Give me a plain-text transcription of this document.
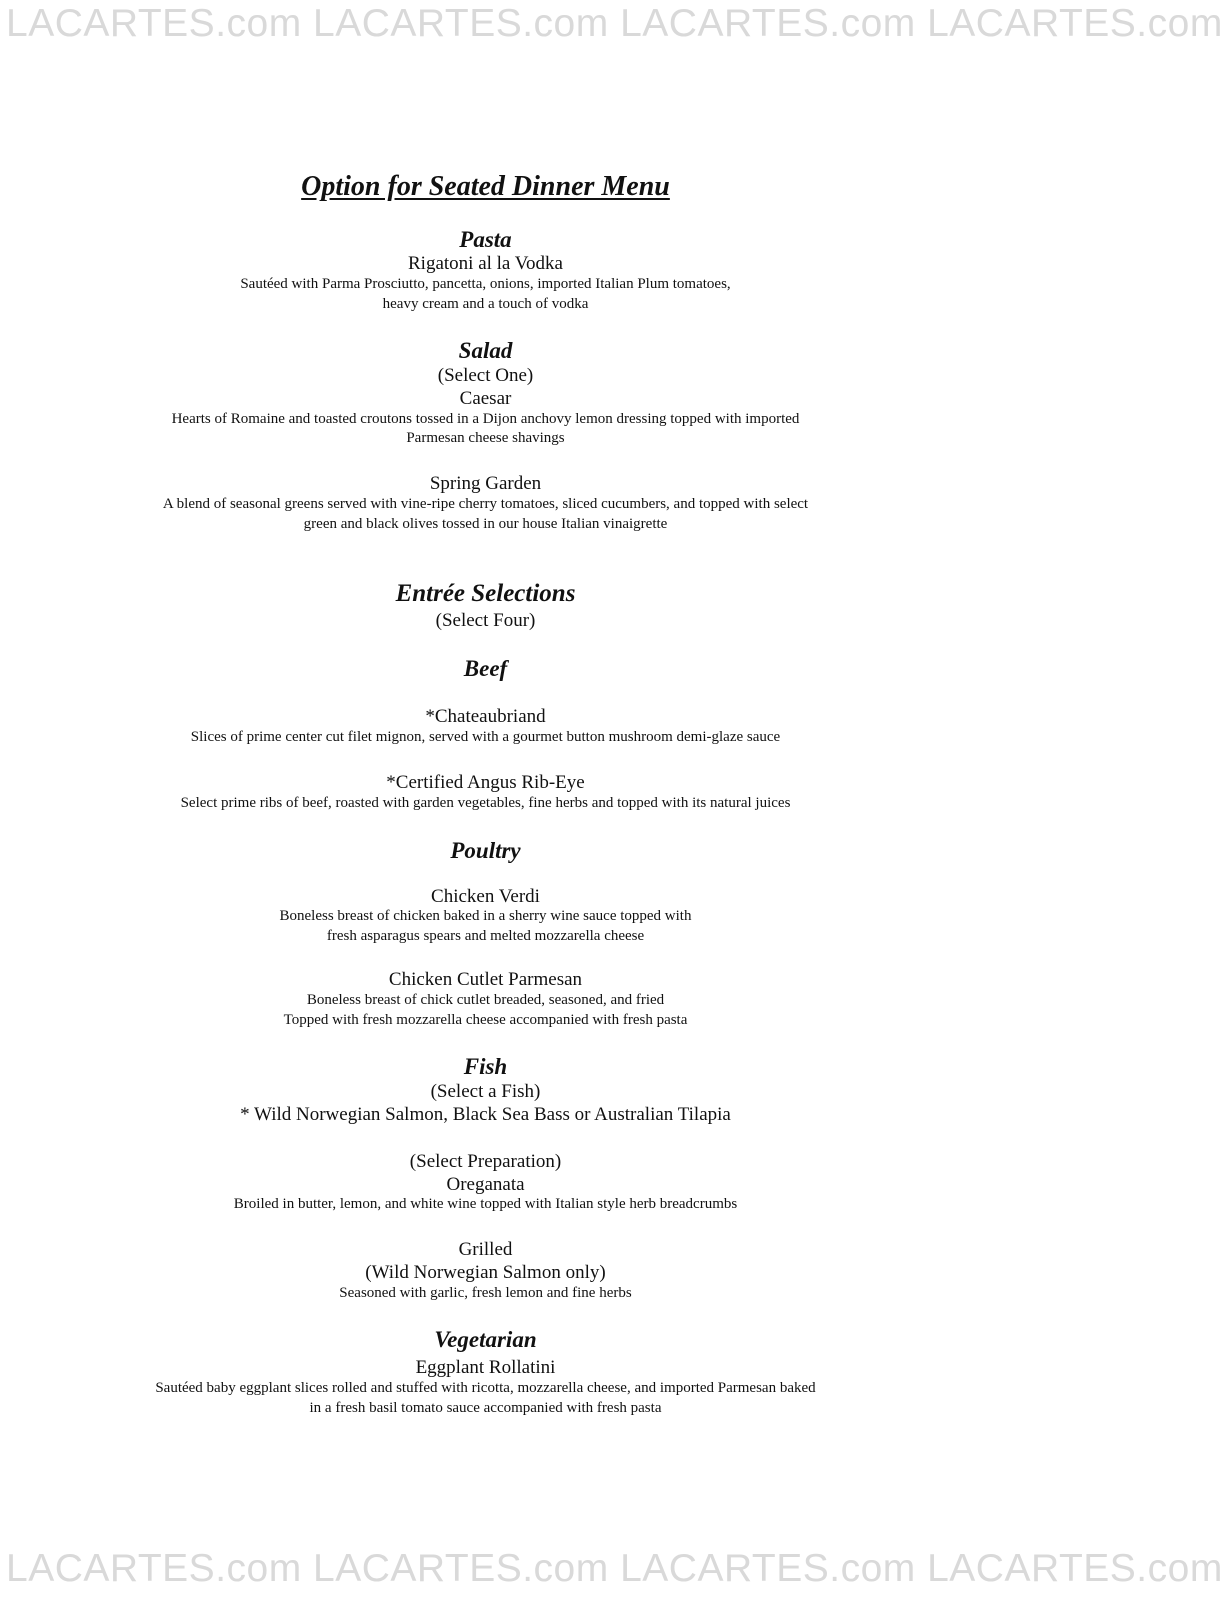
LACARTES.com LACARTES.com LACARTES.com LACARTES.com
Option for Seated Dinner Menu
Pasta
Rigatoni al la Vodka
Sautéed with Parma Prosciutto, pancetta, onions, imported Italian Plum tomatoes,
heavy cream and a touch of vodka
Salad
(Select One)
Caesar
Hearts of Romaine and toasted croutons tossed in a Dijon anchovy lemon dressing topped with imported
Parmesan cheese shavings
Spring Garden
A blend of seasonal greens served with vine-ripe cherry tomatoes, sliced cucumbers, and topped with select
green and black olives tossed in our house Italian vinaigrette
Entrée Selections
(Select Four)
Beef
*Chateaubriand
Slices of prime center cut filet mignon, served with a gourmet button mushroom demi-glaze sauce
*Certified Angus Rib-Eye
Select prime ribs of beef, roasted with garden vegetables, fine herbs and topped with its natural juices
Poultry
Chicken Verdi
Boneless breast of chicken baked in a sherry wine sauce topped with
fresh asparagus spears and melted mozzarella cheese
Chicken Cutlet Parmesan
Boneless breast of chick cutlet breaded, seasoned, and fried
Topped with fresh mozzarella cheese accompanied with fresh pasta
Fish
(Select a Fish)
* Wild Norwegian Salmon, Black Sea Bass or Australian Tilapia
(Select Preparation)
Oreganata
Broiled in butter, lemon, and white wine topped with Italian style herb breadcrumbs
Grilled
(Wild Norwegian Salmon only)
Seasoned with garlic, fresh lemon and fine herbs
Vegetarian
Eggplant Rollatini
Sautéed baby eggplant slices rolled and stuffed with ricotta, mozzarella cheese, and imported Parmesan baked
in a fresh basil tomato sauce accompanied with fresh pasta
LACARTES.com LACARTES.com LACARTES.com LACARTES.com
